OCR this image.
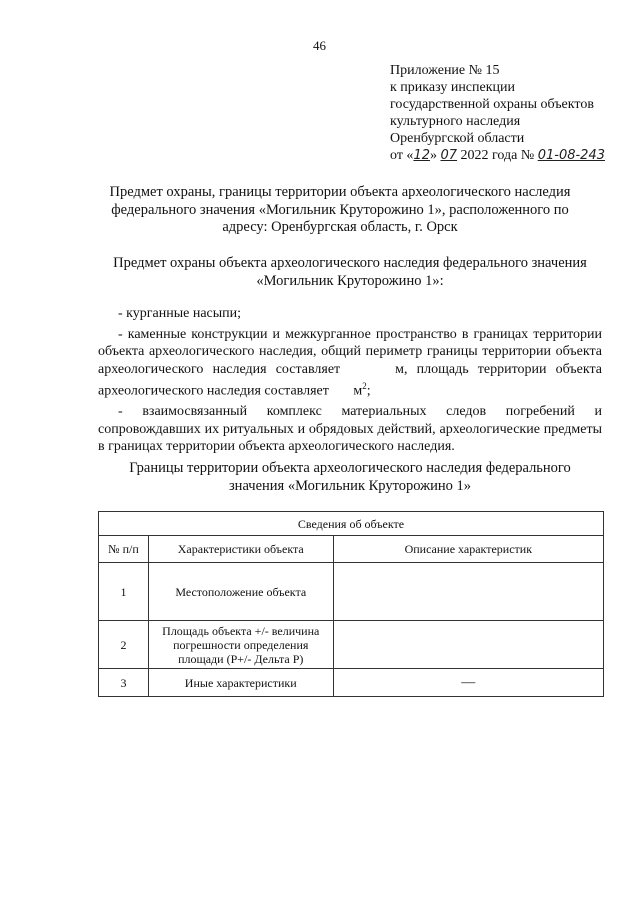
46
Приложение № 15
к приказу инспекции
государственной охраны объектов
культурного наследия
Оренбургской области
от «12» 07 2022 года № 01-08-243
Предмет охраны, границы территории объекта археологического наследия
федерального значения «Могильник Круторожино 1», расположенного по
адресу: Оренбургская область, г. Орск
Предмет охраны объекта археологического наследия федерального значения
«Могильник Круторожино 1»:

- курганные насыпи;

- каменные конструкции и межкурганное пространство в границах территории объекта археологического наследия, общий периметр границы территории объекта археологического наследия составляет	м, площадь территории объекта археологического наследия составляет $м^2$;

- взаимосвязанный комплекс материальных следов погребений и сопровождавших их ритуальных и обрядовых действий, археологические предметы в границах территории объекта археологического наследия.

Границы территории объекта археологического наследия федерального
значения «Могильник Круторожино 1»
Сведения об объекте		
№ п/п	Характеристики объекта	Описание характеристик
1	Местоположение объекта	
2	Площадь объекта +/- величина погрешности определения площади (P+/- Дельта P)	
3	Иные характеристики	—
